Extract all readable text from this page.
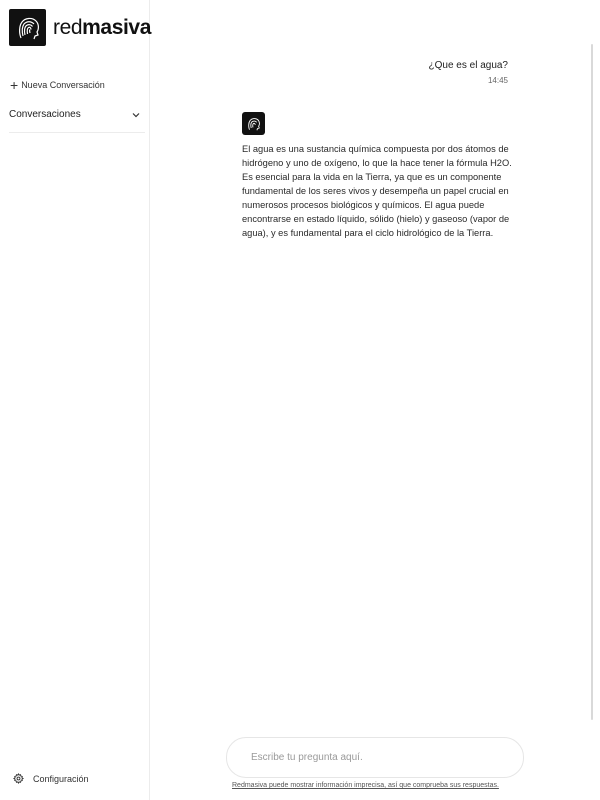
redmasiva
+ Nueva Conversación
Conversaciones
Configuración
¿Que es el agua?
14:45
El agua es una sustancia química compuesta por dos átomos de hidrógeno y uno de oxígeno, lo que la hace tener la fórmula H2O. Es esencial para la vida en la Tierra, ya que es un componente fundamental de los seres vivos y desempeña un papel crucial en numerosos procesos biológicos y químicos. El agua puede encontrarse en estado líquido, sólido (hielo) y gaseoso (vapor de agua), y es fundamental para el ciclo hidrológico de la Tierra.
Escribe tu pregunta aquí.
Redmasiva puede mostrar información imprecisa, así que comprueba sus respuestas.
